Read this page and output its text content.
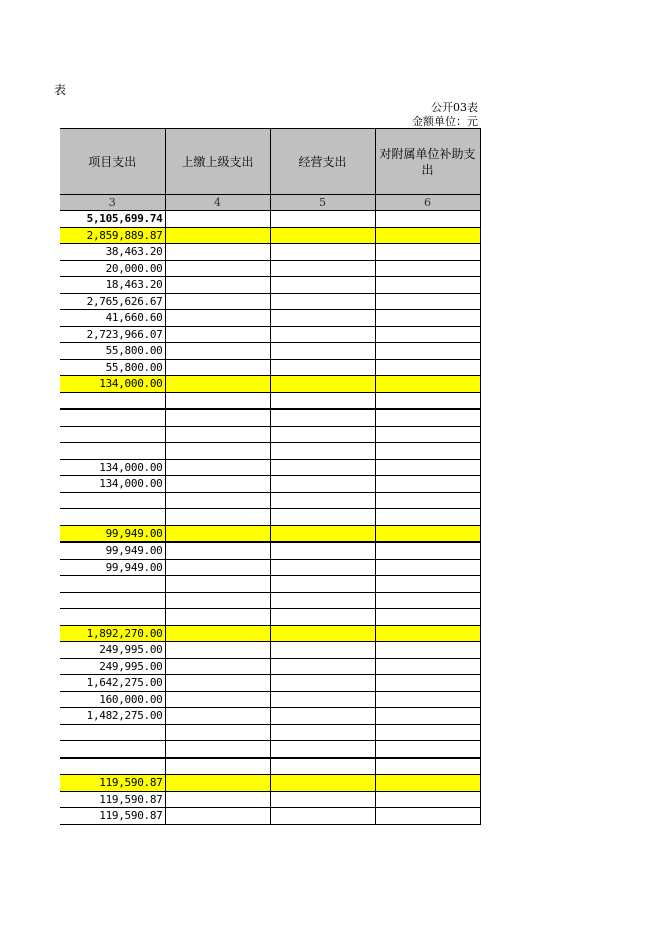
表
公开03表
金额单位：元
项目支出	上缴上级支出	经营支出	对附属单位补助支出
3	4	5	6
5,105,699.74			
2,859,889.87			
38,463.20			
20,000.00			
18,463.20			
2,765,626.67			
41,660.60			
2,723,966.07			
55,800.00			
55,800.00			
134,000.00			

134,000.00			
134,000.00			

99,949.00			
99,949.00			
99,949.00			

1,892,270.00			
249,995.00			
249,995.00			
1,642,275.00			
160,000.00			
1,482,275.00			

119,590.87			
119,590.87			
119,590.87			
